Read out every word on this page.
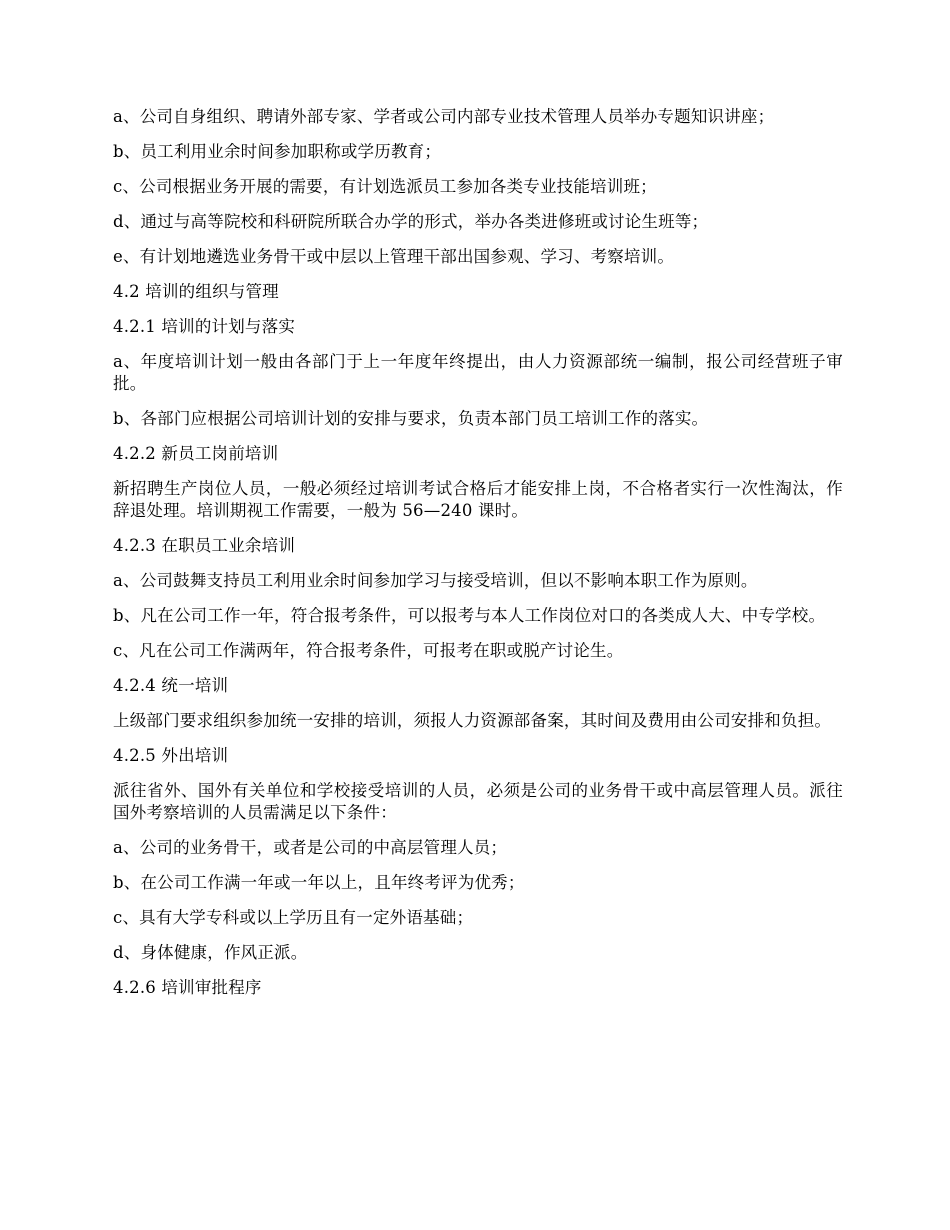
a、公司自身组织、聘请外部专家、学者或公司内部专业技术管理人员举办专题知识讲座；

b、员工利用业余时间参加职称或学历教育；

c、公司根据业务开展的需要，有计划选派员工参加各类专业技能培训班；

d、通过与高等院校和科研院所联合办学的形式，举办各类进修班或讨论生班等；

e、有计划地遴选业务骨干或中层以上管理干部出国参观、学习、考察培训。

4.2 培训的组织与管理

4.2.1 培训的计划与落实

a、年度培训计划一般由各部门于上一年度年终提出，由人力资源部统一编制，报公司经营班子审批。

b、各部门应根据公司培训计划的安排与要求，负责本部门员工培训工作的落实。

4.2.2 新员工岗前培训

新招聘生产岗位人员，一般必须经过培训考试合格后才能安排上岗，不合格者实行一次性淘汰，作辞退处理。培训期视工作需要，一般为 56—240 课时。

4.2.3 在职员工业余培训

a、公司鼓舞支持员工利用业余时间参加学习与接受培训，但以不影响本职工作为原则。

b、凡在公司工作一年，符合报考条件，可以报考与本人工作岗位对口的各类成人大、中专学校。

c、凡在公司工作满两年，符合报考条件，可报考在职或脱产讨论生。

4.2.4 统一培训

上级部门要求组织参加统一安排的培训，须报人力资源部备案，其时间及费用由公司安排和负担。

4.2.5 外出培训

派往省外、国外有关单位和学校接受培训的人员，必须是公司的业务骨干或中高层管理人员。派往国外考察培训的人员需满足以下条件：

a、公司的业务骨干，或者是公司的中高层管理人员；

b、在公司工作满一年或一年以上，且年终考评为优秀；

c、具有大学专科或以上学历且有一定外语基础；

d、身体健康，作风正派。

4.2.6 培训审批程序
